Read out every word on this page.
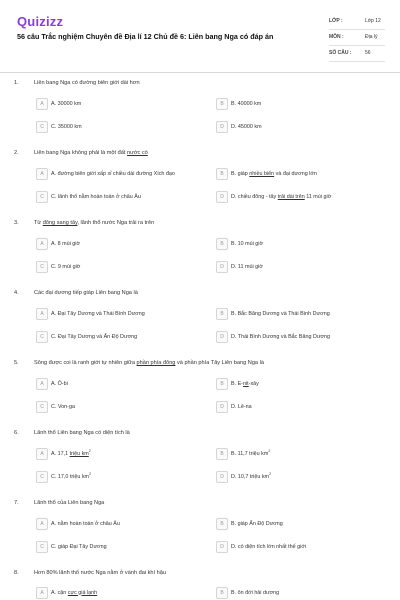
Quizizz
56 câu Trắc nghiệm Chuyên đề Địa lí 12 Chủ đề 6: Liên bang Nga có đáp án
LỚP :	Lớp 12
MÔN :	Địa lý
SỐ CÂU :	56
1.	Liên bang Nga có đường biên giới dài hơn
A	A. 30000 km	B	B. 40000 km
C	C. 35000 km	D	D. 45000 km
2.	Liên bang Nga không phải là một đất nước có
A	A. đường biên giới xấp xỉ chiều dài đường Xích đạo	B	B. giáp nhiều biển và đại dương lớn
C	C. lãnh thổ nằm hoàn toàn ở châu Âu	D	D. chiều đông - tây trải dài trên 11 múi giờ
3.	Từ đông sang tây, lãnh thổ nước Nga trải ra trên
A	A. 8 múi giờ	B	B. 10 múi giờ
C	C. 9 múi giờ	D	D. 11 múi giờ
4.	Các đại dương tiếp giáp Liên bang Nga là
A	A. Đại Tây Dương và Thái Bình Dương	B	B. Bắc Băng Dương và Thái Bình Dương
C	C. Đại Tây Dương và Ấn Độ Dương	D	D. Thái Bình Dương và Bắc Băng Dương
5.	Sông được coi là ranh giới tự nhiên giữa phần phía đông và phần phía Tây Liên bang Nga là
A	A. Ô-bi	B	B. E-nit-xây
C	C. Von-ga	D	D. Lê-na
6.	Lãnh thổ Liên bang Nga có diện tích là
A	A. 17,1 triệu $km^2$
B	B. 11,7 triệu $km^2$
C	C. 17,0 triệu $km^2$
D	D. 10,7 triệu $km^2$
7.	Lãnh thổ của Liên bang Nga
A	A. nằm hoàn toàn ở châu Âu	B	B. giáp Ấn Độ Dương
C	C. giáp Đại Tây Dương	D	D. có diện tích lớn nhất thế giới
8.	Hơn 80% lãnh thổ nước Nga nằm ở vành đai khí hậu
A	A. cận cực giá lạnh	B	B. ôn đới hải dương
